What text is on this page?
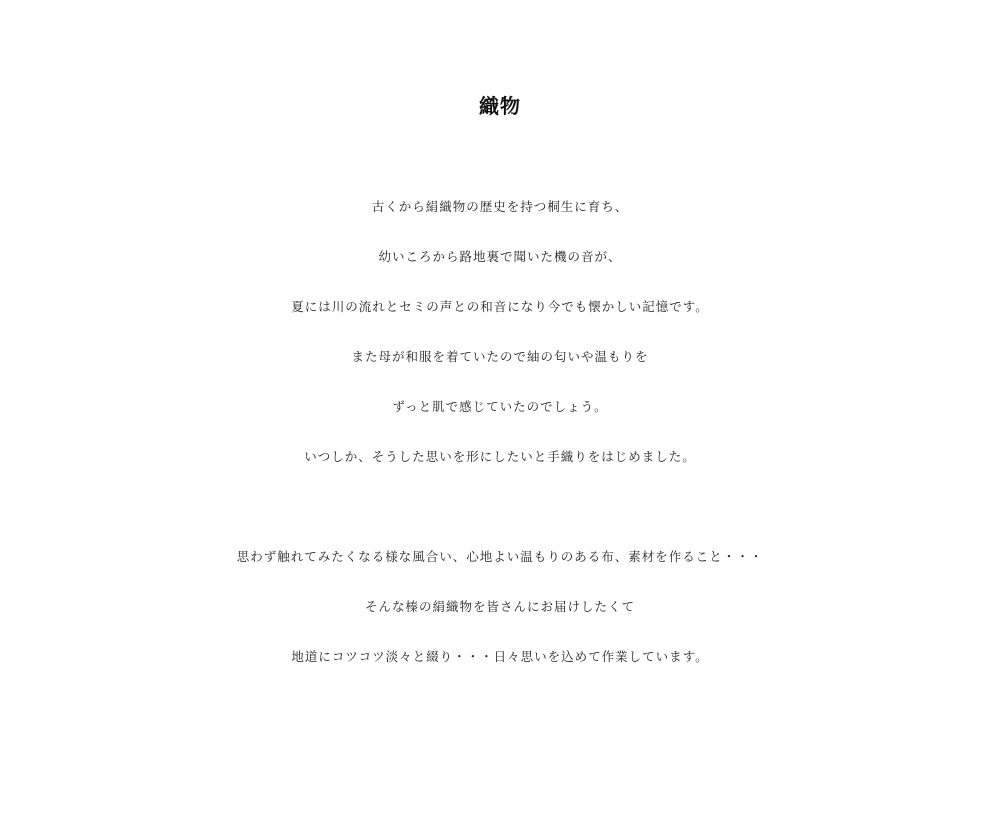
織物

古くから絹織物の歴史を持つ桐生に育ち、

幼いころから路地裏で聞いた機の音が、

夏には川の流れとセミの声との和音になり今でも懐かしい記憶です。

また母が和服を着ていたので紬の匂いや温もりを

ずっと肌で感じていたのでしょう。

いつしか、そうした思いを形にしたいと手織りをはじめました。

思わず触れてみたくなる様な風合い、心地よい温もりのある布、素材を作ること・・・

そんな榛の絹織物を皆さんにお届けしたくて

地道にコツコツ淡々と綴り・・・日々思いを込めて作業しています。
